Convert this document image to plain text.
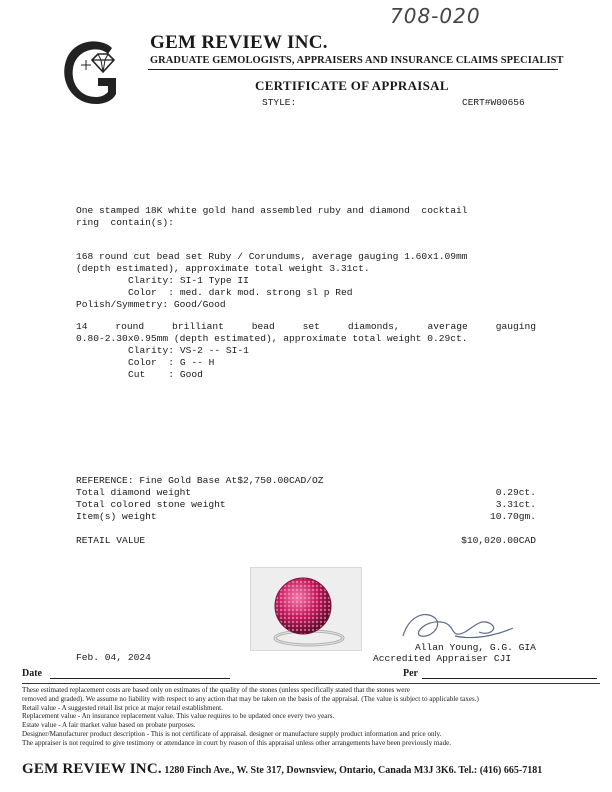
708-020
GEM REVIEW INC.
GRADUATE GEMOLOGISTS, APPRAISERS AND INSURANCE CLAIMS SPECIALIST
CERTIFICATE OF APPRAISAL
STYLE:	CERT#W00656
One stamped 18K white gold hand assembled ruby and diamond  cocktail
ring  contain(s):
168 round cut bead set Ruby / Corundums, average gauging 1.60x1.09mm
(depth estimated), approximate total weight 3.31ct.
Clarity: SI-1 Type II
Color  : med. dark mod. strong sl p Red
Polish/Symmetry: Good/Good
14 round brilliant bead set diamonds, average gauging
0.80-2.30x0.95mm (depth estimated), approximate total weight 0.29ct.
Clarity: VS-2 -- SI-1
Color  : G -- H
Cut    : Good
REFERENCE: Fine Gold Base At$2,750.00CAD/OZ
Total diamond weight	0.29ct.
Total colored stone weight	3.31ct.
Item(s) weight	10.70gm.
RETAIL VALUE	$10,020.00CAD
Feb. 04, 2024
Allan Young, G.G. GIA
Accredited Appraiser CJI
Date	Per

These estimated replacement costs are based only on estimates of the quality of the stones (unless specifically stated that the stones were

removed and graded). We assume no liability with respect to any action that may be taken on the basis of the appraisal. (The value is subject to applicable taxes.)

Retail value - A suggested retail list price at major retail establishment.

Replacement value - An insurance replacement value. This value requires to be updated once every two years.

Estate value - A fair market value based on probate purposes.

Designer/Manufacturer product description - This is not certificate of appraisal. designer or manufacture supply product information and price only.

The appraiser is not required to give testimony or attendance in court by reason of this appraisal unless other arrangements have been previously made.

GEM REVIEW INC. 1280 Finch Ave., W. Ste 317, Downsview, Ontario, Canada M3J 3K6. Tel.: (416) 665-7181
